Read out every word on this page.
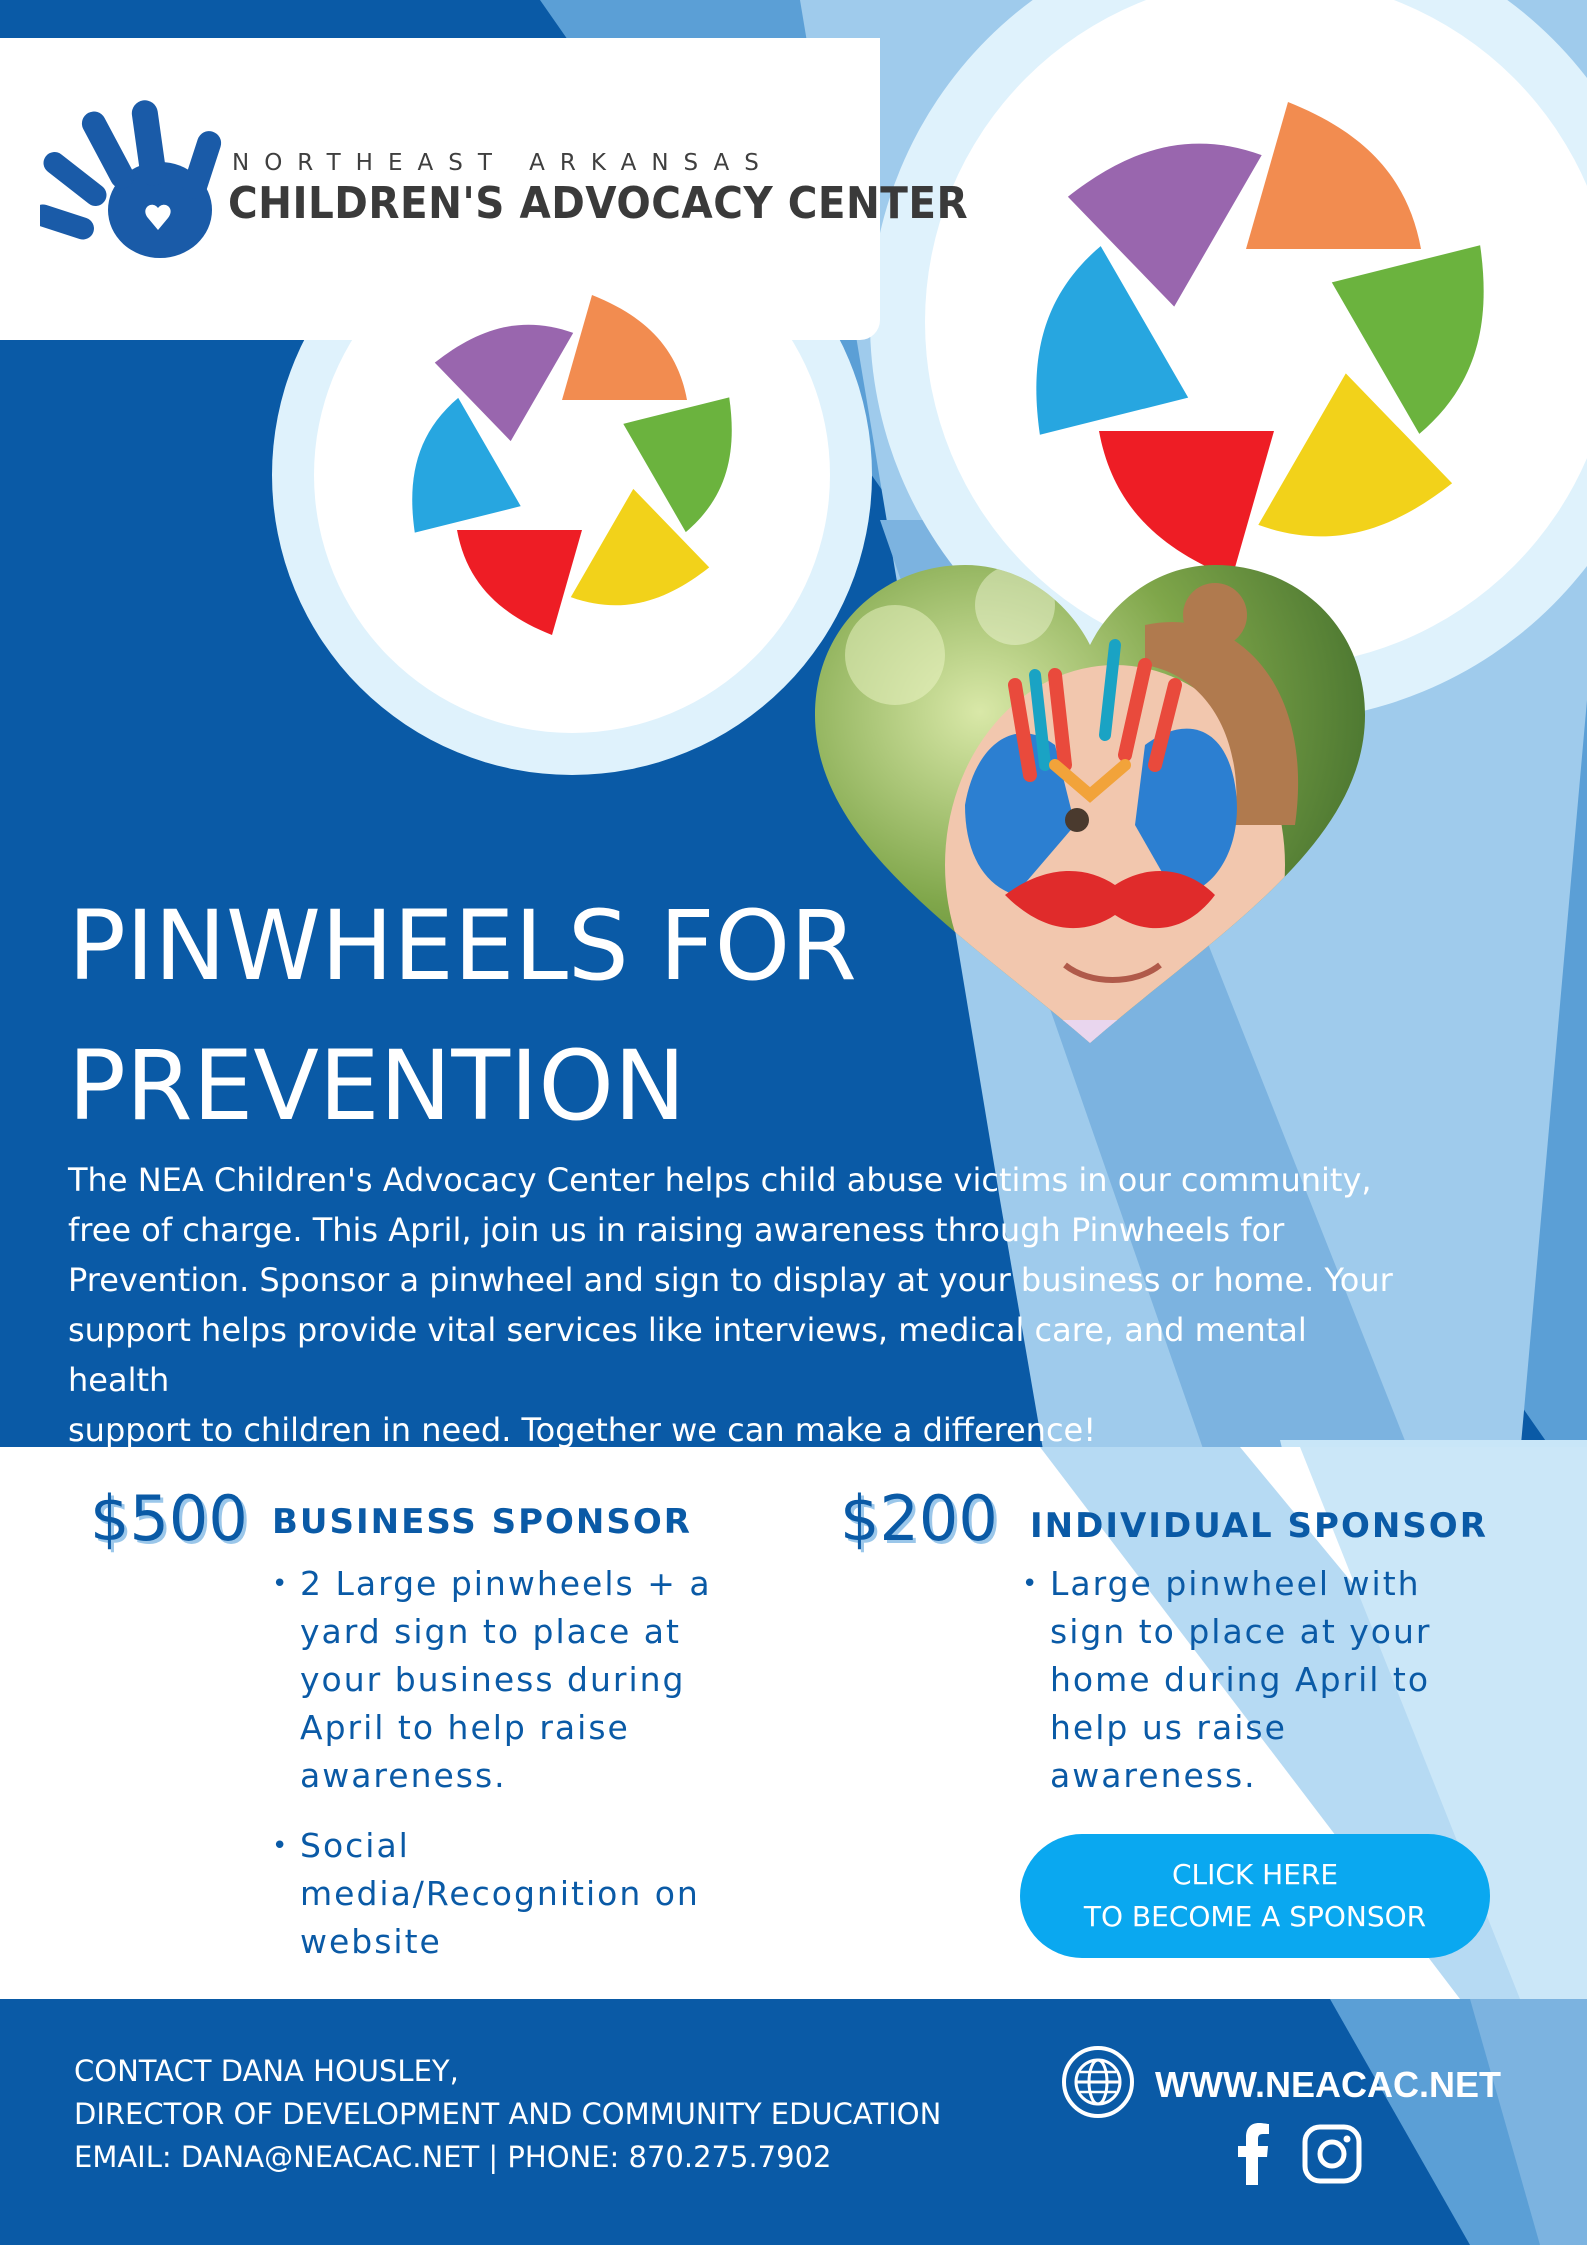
NORTHEAST ARKANSAS
CHILDREN'S ADVOCACY CENTER
PINWHEELS FOR
PREVENTION
The NEA Children's Advocacy Center helps child abuse victims in our community,
free of charge. This April, join us in raising awareness through Pinwheels for
Prevention. Sponsor a pinwheel and sign to display at your business or home. Your
support helps provide vital services like interviews, medical care, and mental health
support to children in need. Together we can make a difference!
$500 BUSINESS SPONSOR
• 2 Large pinwheels + a
yard sign to place at
your business during
April to help raise
awareness.
• Social
media/Recognition on
website
$200 INDIVIDUAL SPONSOR
• Large pinwheel with
sign to place at your
home during April to
help us raise
awareness.
CLICK HERE
TO BECOME A SPONSOR
CONTACT DANA HOUSLEY,
DIRECTOR OF DEVELOPMENT AND COMMUNITY EDUCATION
EMAIL: DANA@NEACAC.NET | PHONE: 870.275.7902
WWW.NEACAC.NET
